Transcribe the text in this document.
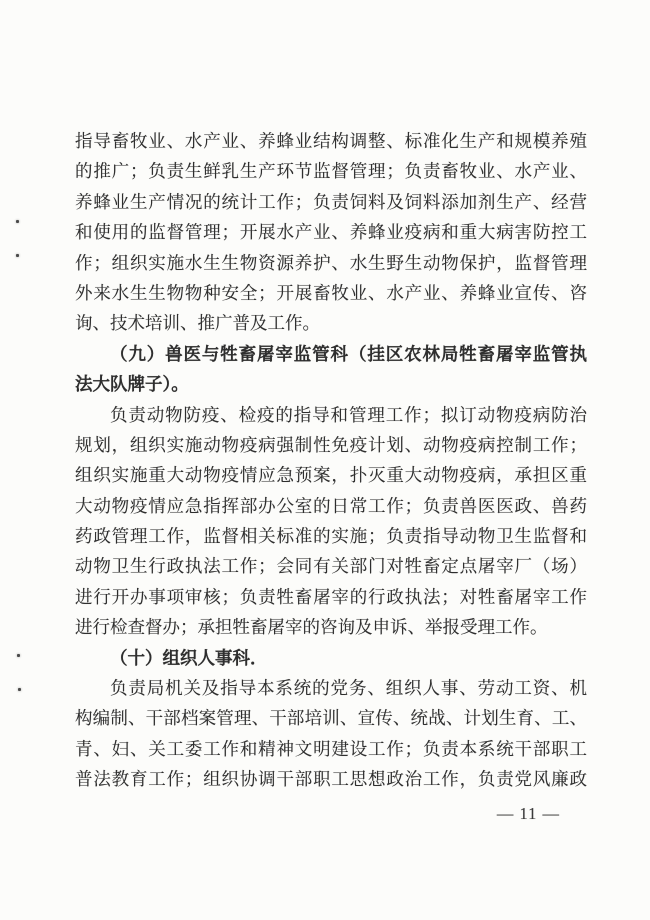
指导畜牧业、水产业、养蜂业结构调整、标准化生产和规模养殖
的推广；负责生鲜乳生产环节监督管理；负责畜牧业、水产业、
养蜂业生产情况的统计工作；负责饲料及饲料添加剂生产、经营
和使用的监督管理；开展水产业、养蜂业疫病和重大病害防控工
作；组织实施水生生物资源养护、水生野生动物保护，监督管理
外来水生生物物种安全；开展畜牧业、水产业、养蜂业宣传、咨
询、技术培训、推广普及工作。
（九）兽医与牲畜屠宰监管科（挂区农林局牲畜屠宰监管执
法大队牌子）。
负责动物防疫、检疫的指导和管理工作；拟订动物疫病防治
规划，组织实施动物疫病强制性免疫计划、动物疫病控制工作；
组织实施重大动物疫情应急预案，扑灭重大动物疫病，承担区重
大动物疫情应急指挥部办公室的日常工作；负责兽医医政、兽药
药政管理工作，监督相关标准的实施；负责指导动物卫生监督和
动物卫生行政执法工作；会同有关部门对牲畜定点屠宰厂（场）
进行开办事项审核；负责牲畜屠宰的行政执法；对牲畜屠宰工作
进行检查督办；承担牲畜屠宰的咨询及申诉、举报受理工作。
（十）组织人事科．
负责局机关及指导本系统的党务、组织人事、劳动工资、机
构编制、干部档案管理、干部培训、宣传、统战、计划生育、工、
青、妇、关工委工作和精神文明建设工作；负责本系统干部职工
普法教育工作；组织协调干部职工思想政治工作，负责党风廉政
— 11 —
